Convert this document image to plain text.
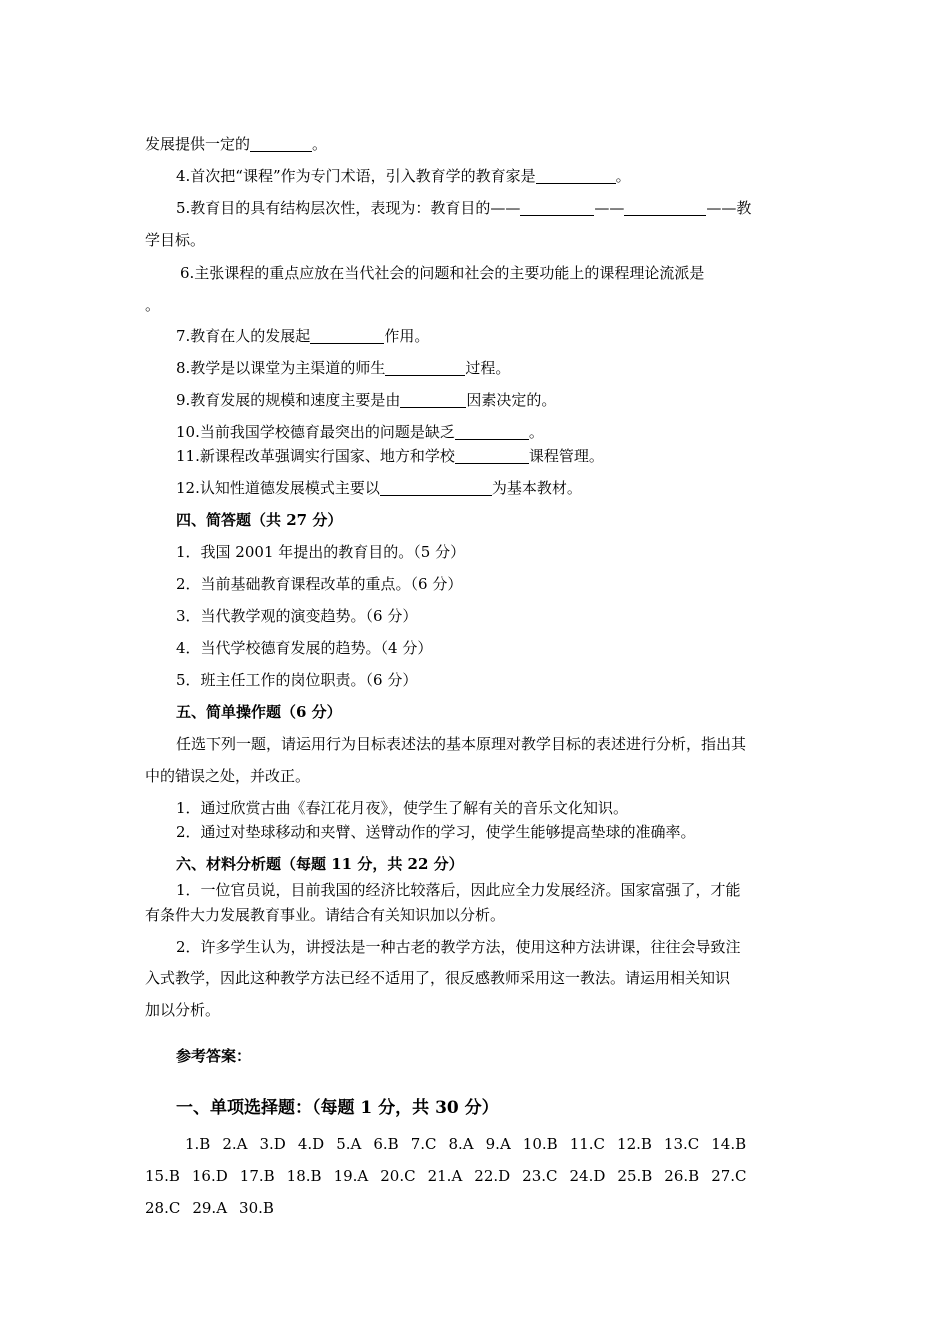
发展提供一定的	。
4.首次把“课程”作为专门术语，引入教育学的教育家是	。
5.教育目的具有结构层次性，表现为：教育目的——	——	——教
学目标。
6.主张课程的重点应放在当代社会的问题和社会的主要功能上的课程理论流派是
。
7.教育在人的发展起	作用。
8.教学是以课堂为主渠道的师生	过程。
9.教育发展的规模和速度主要是由	因素决定的。
10.当前我国学校德育最突出的问题是缺乏	。
11.新课程改革强调实行国家、地方和学校	课程管理。
12.认知性道德发展模式主要以	为基本教材。
四、简答题（共 27 分）
1．我国 2001 年提出的教育目的。（5 分）
2．当前基础教育课程改革的重点。（6 分）
3．当代教学观的演变趋势。（6 分）
4．当代学校德育发展的趋势。（4 分）
5．班主任工作的岗位职责。（6 分）
五、简单操作题（6 分）
任选下列一题，请运用行为目标表述法的基本原理对教学目标的表述进行分析，指出其
中的错误之处，并改正。
1．通过欣赏古曲《春江花月夜》，使学生了解有关的音乐文化知识。
2．通过对垫球移动和夹臂、送臂动作的学习，使学生能够提高垫球的准确率。
六、材料分析题（每题 11 分，共 22 分）
1．一位官员说，目前我国的经济比较落后，因此应全力发展经济。国家富强了，才能
有条件大力发展教育事业。请结合有关知识加以分析。
2．许多学生认为，讲授法是一种古老的教学方法，使用这种方法讲课，往往会导致注
入式教学，因此这种教学方法已经不适用了，很反感教师采用这一教法。请运用相关知识
加以分析。
参考答案：
一、单项选择题：（每题 1 分，共 30 分）
1.B 2.A 3.D 4.D 5.A 6.B 7.C 8.A 9.A 10.B 11.C 12.B 13.C 14.B
15.B 16.D 17.B 18.B 19.A 20.C 21.A 22.D 23.C 24.D 25.B 26.B 27.C
28.C 29.A 30.B
